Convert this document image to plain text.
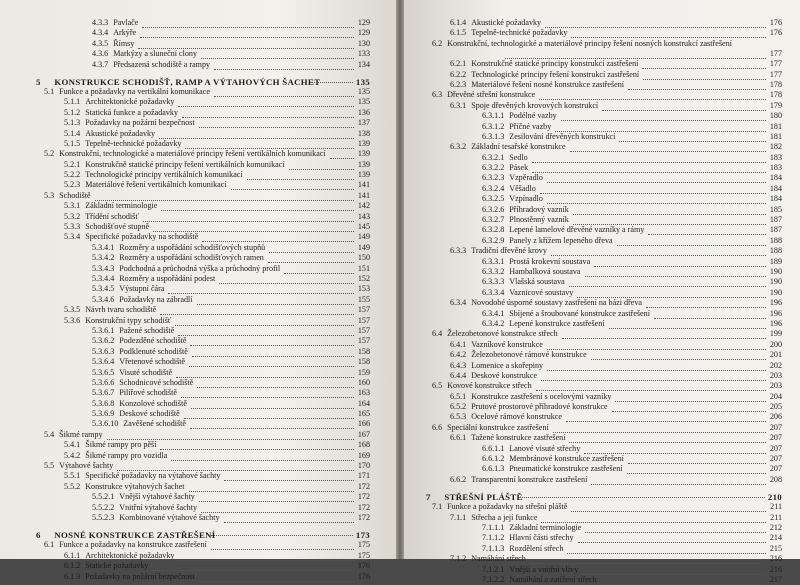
4.3.3 Pavlače	129
4.3.4 Arkýře	129
4.3.5 Římsy	130
4.3.6 Markýzy a sluneční clony	133
4.3.7 Předsazená schodiště a rampy	134
5 KONSTRUKCE SCHODIŠŤ, RAMP A VÝTAHOVÝCH ŠACHET	135
5.1 Funkce a požadavky na vertikální komunikace	135
5.1.1 Architektonické požadavky	135
5.1.2 Statická funkce a požadavky	136
5.1.3 Požadavky na požární bezpečnost	137
5.1.4 Akustické požadavky	138
5.1.5 Tepelně-technické požadavky	139
5.2 Konstrukční, technologické a materiálové principy řešení vertikálních komunikací	139
5.2.1 Konstrukčně statické principy řešení vertikálních komunikací	139
5.2.2 Technologické principy vertikálních komunikací	139
5.2.3 Materiálové řešení vertikálních komunikací	141
5.3 Schodiště	141
5.3.1 Základní terminologie	142
5.3.2 Třídění schodišť	143
5.3.3 Schodišťové stupně	145
5.3.4 Specifické požadavky na schodiště	149
5.3.4.1 Rozměry a uspořádání schodišťových stupňů	149
5.3.4.2 Rozměry a uspořádání schodišťových ramen	150
5.3.4.3 Podchodná a průchodná výška a průchodný profil	151
5.3.4.4 Rozměry a uspořádání podest	152
5.3.4.5 Výstupní čára	153
5.3.4.6 Požadavky na zábradlí	155
5.3.5 Návrh tvaru schodiště	157
5.3.6 Konstrukční typy schodišť	157
5.3.6.1 Pažené schodiště	157
5.3.6.2 Podezděné schodiště	157
5.3.6.3 Podklenuté schodiště	158
5.3.6.4 Vřetenové schodiště	158
5.3.6.5 Visuté schodiště	159
5.3.6.6 Schodnicové schodiště	160
5.3.6.7 Pilířové schodiště	163
5.3.6.8 Konzolové schodiště	164
5.3.6.9 Deskové schodiště	165
5.3.6.10 Zavěšené schodiště	166
5.4 Šikmé rampy	167
5.4.1 Šikmé rampy pro pěší	168
5.4.2 Šikmé rampy pro vozidla	169
5.5 Výtahové šachty	170
5.5.1 Specifické požadavky na výtahové šachty	171
5.5.2 Konstrukce výtahových šachet	172
5.5.2.1 Vnější výtahové šachty	172
5.5.2.2 Vnitřní výtahové šachty	172
5.5.2.3 Kombinované výtahové šachty	172
6 NOSNÉ KONSTRUKCE ZASTŘEŠENÍ	173
6.1 Funkce a požadavky na konstrukce zastřešení	175
6.1.1 Architektonické požadavky	175
6.1.2 Statické požadavky	176
6.1.3 Požadavky na požární bezpečnost	176
6.1.4 Akustické požadavky	176
6.1.5 Tepelně-technické požadavky	176
6.2 Konstrukční, technologické a materiálové principy řešení nosných konstrukcí zastřešení
177
6.2.1 Konstrukčně statické principy konstrukcí zastřešení	177
6.2.2 Technologické principy řešení konstrukcí zastřešení	177
6.2.3 Materiálové řešení nosné konstrukce zastřešení	178
6.3 Dřevěné střešní konstrukce	178
6.3.1 Spoje dřevěných krovových konstrukcí	179
6.3.1.1 Podélné vazby	180
6.3.1.2 Příčné vazby	181
6.3.1.3 Zesilování dřevěných konstrukcí	181
6.3.2 Základní tesařské konstrukce	182
6.3.2.1 Sedlo	183
6.3.2.2 Pásek	183
6.3.2.3 Vzpěradlo	184
6.3.2.4 Věšadlo	184
6.3.2.5 Vzpínadlo	184
6.3.2.6 Příhradový vazník	185
6.3.2.7 Plnostěnný vazník	187
6.3.2.8 Lepené lamelové dřevěné vazníky a rámy	187
6.3.2.9 Panely z křížem lepeného dřeva	188
6.3.3 Tradiční dřevěné krovy	188
6.3.3.1 Prostá krokevní soustava	189
6.3.3.2 Hambalková soustava	190
6.3.3.3 Vlašská soustava	190
6.3.3.4 Vaznicové soustavy	190
6.3.4 Novodobé úsporné soustavy zastřešení na bázi dřeva	196
6.3.4.1 Sbíjené a šroubované konstrukce zastřešení	196
6.3.4.2 Lepené konstrukce zastřešení	196
6.4 Železobetonové konstrukce střech	199
6.4.1 Vazníkové konstrukce	200
6.4.2 Železobetonové rámové konstrukce	201
6.4.3 Lomenice a skořepiny	202
6.4.4 Deskové konstrukce	203
6.5 Kovové konstrukce střech	203
6.5.1 Konstrukce zastřešení s ocelovými vazníky	204
6.5.2 Prutové prostorové příhradové konstrukce	205
6.5.3 Ocelové rámové konstrukce	206
6.6 Speciální konstrukce zastřešení	207
6.6.1 Tažené konstrukce zastřešení	207
6.6.1.1 Lanové visuté střechy	207
6.6.1.2 Membránové konstrukce zastřešení	207
6.6.1.3 Pneumatické konstrukce zastřešení	207
6.6.2 Transparentní konstrukce zastřešení	208
7 STŘEŠNÍ PLÁŠTĚ	210
7.1 Funkce a požadavky na střešní pláště	211
7.1.1 Střecha a její funkce	211
7.1.1.1 Základní terminologie	212
7.1.1.2 Hlavní části střechy	214
7.1.1.3 Rozdělení střech	215
7.1.2 Namáhání střech	216
7.1.2.1 Vnější a vnitřní vlivy	216
7.1.2.2 Namáhání a zatížení střech	217
